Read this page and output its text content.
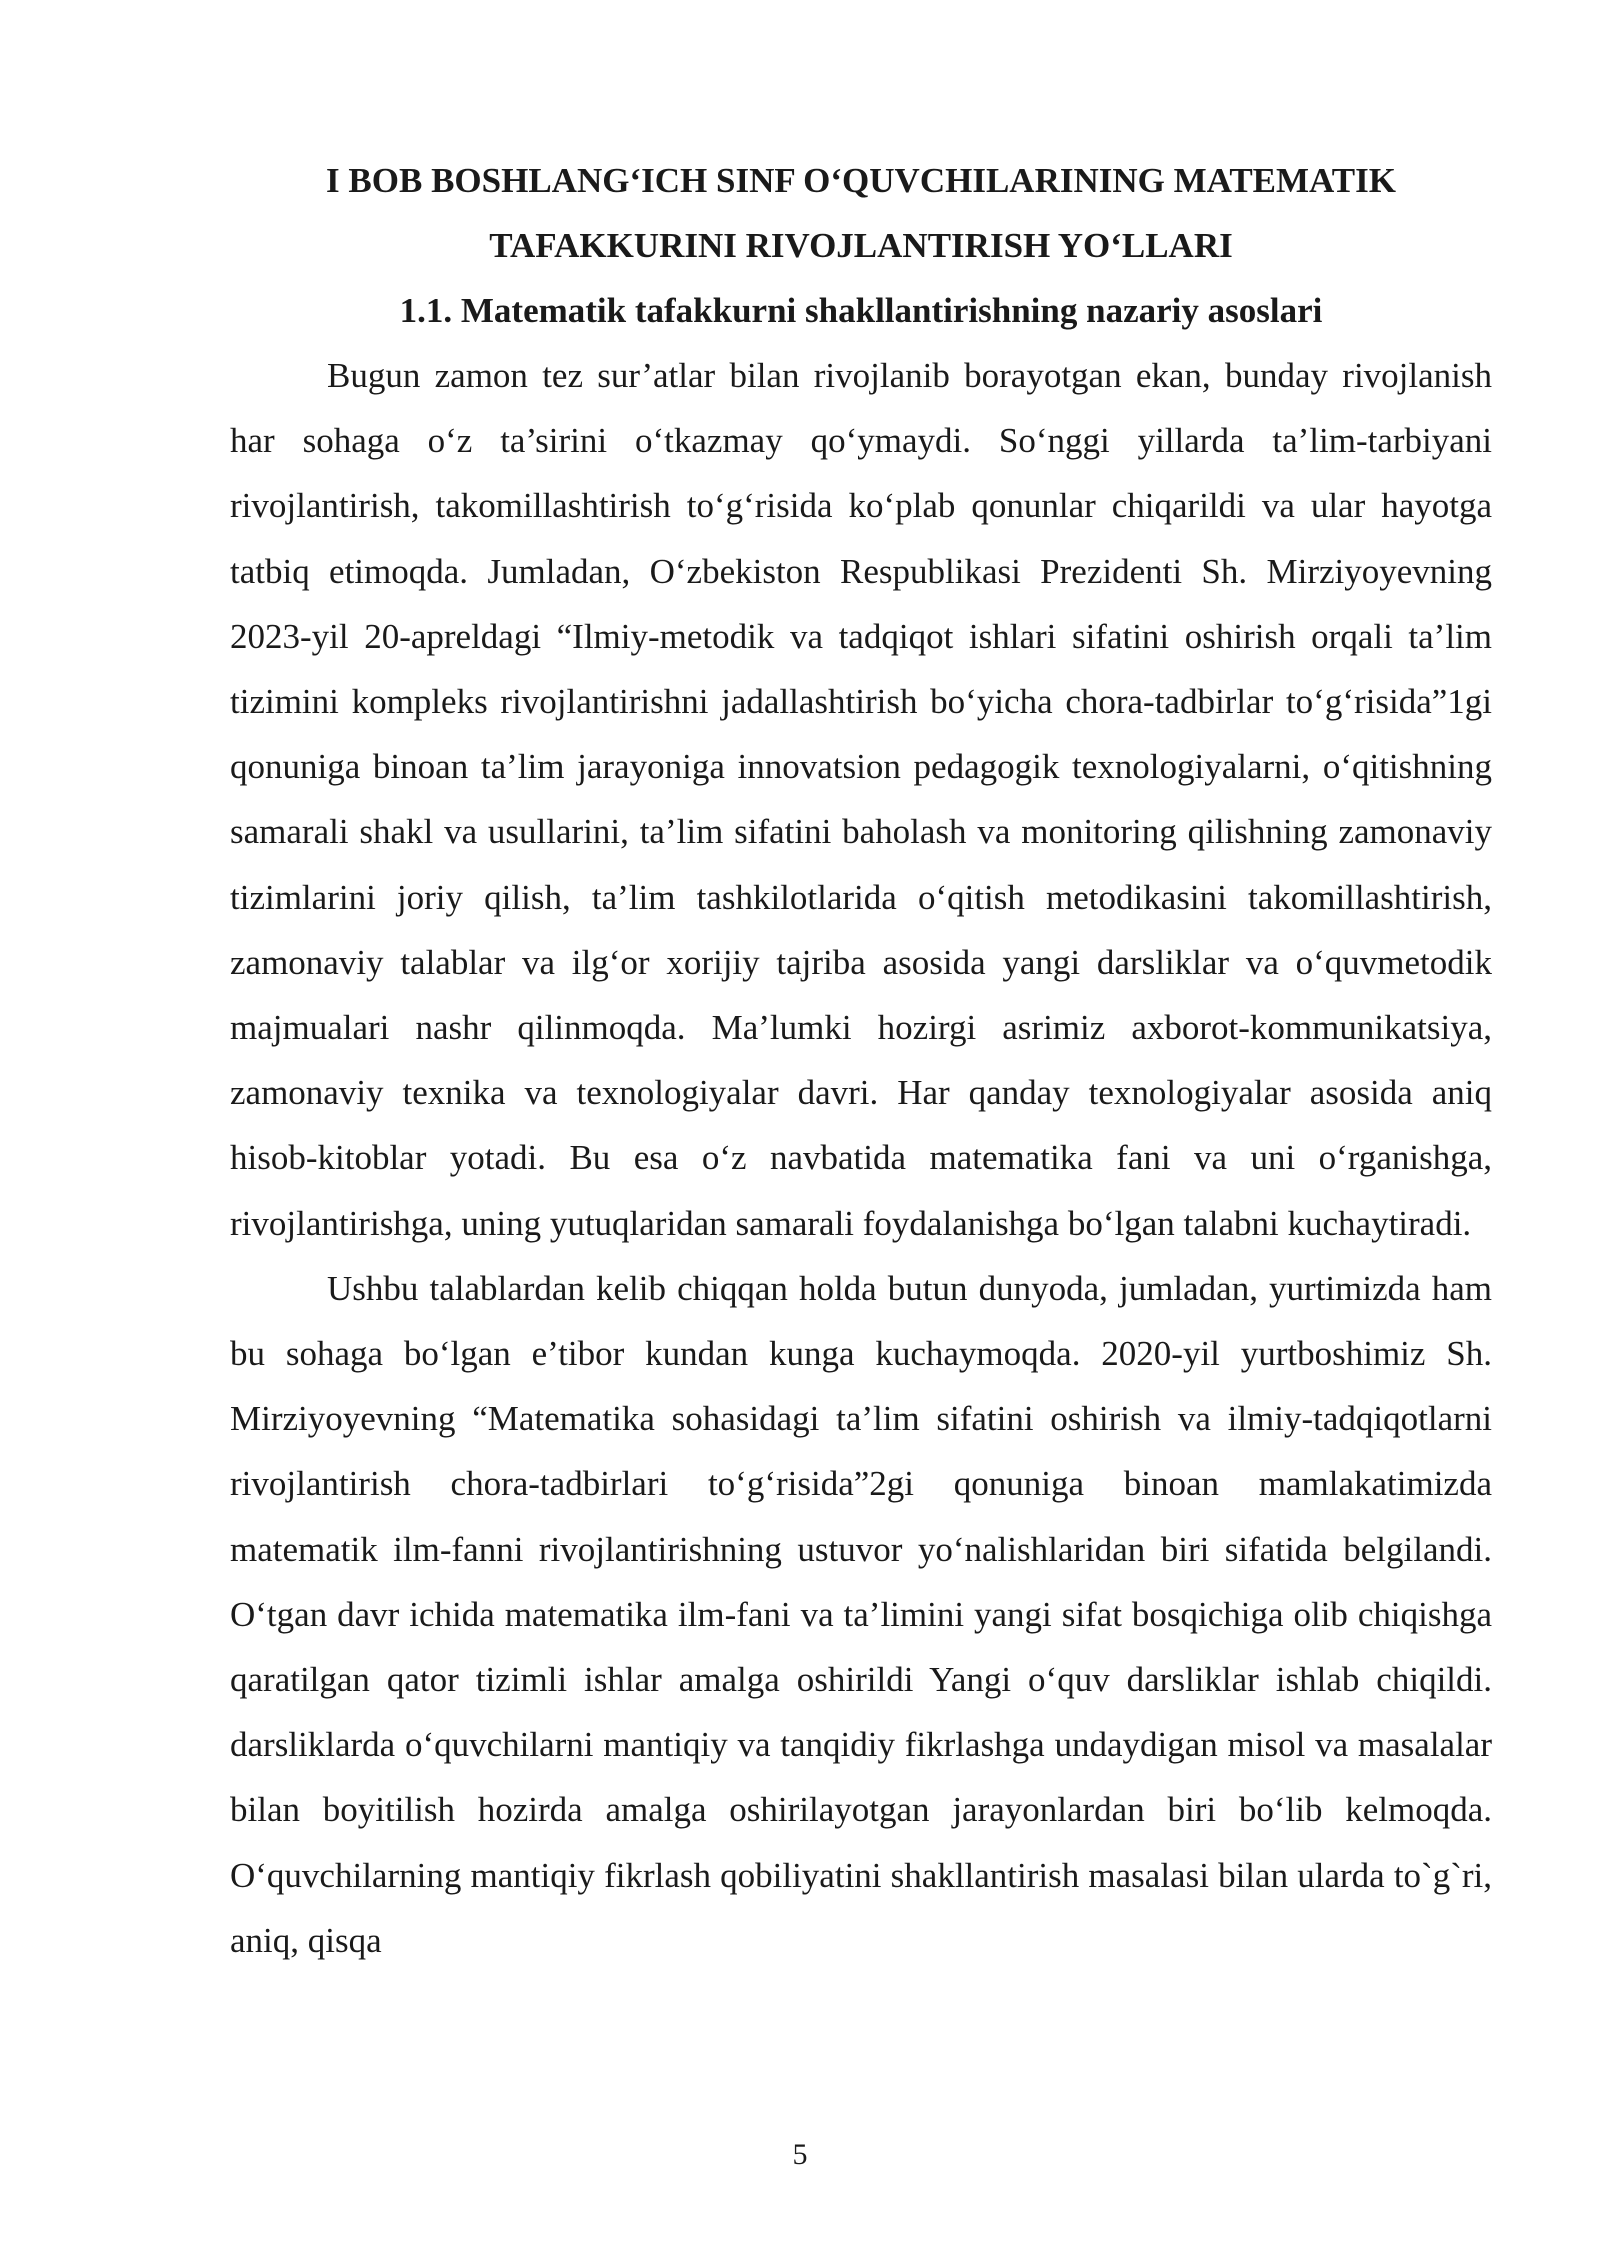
I BOB BOSHLANG‘ICH SINF O‘QUVCHILARINING MATEMATIK

TAFAKKURINI RIVOJLANTIRISH YO‘LLARI

1.1. Matematik tafakkurni shakllantirishning nazariy asoslari

Bugun zamon tez sur’atlar bilan rivojlanib borayotgan ekan, bunday rivojlanish har sohaga o‘z ta’sirini o‘tkazmay qo‘ymaydi. So‘nggi yillarda ta’lim-tarbiyani rivojlantirish, takomillashtirish to‘g‘risida ko‘plab qonunlar chiqarildi va ular hayotga tatbiq etimoqda. Jumladan, O‘zbekiston Respublikasi Prezidenti Sh. Mirziyoyevning 2023-yil 20-apreldagi “Ilmiy-metodik va tadqiqot ishlari sifatini oshirish orqali ta’lim tizimini kompleks rivojlantirishni jadallashtirish bo‘yicha chora-tadbirlar to‘g‘risida”1gi qonuniga binoan ta’lim jarayoniga innovatsion pedagogik texnologiyalarni, o‘qitishning samarali shakl va usullarini, ta’lim sifatini baholash va monitoring qilishning zamonaviy tizimlarini joriy qilish, ta’lim tashkilotlarida o‘qitish metodikasini takomillashtirish, zamonaviy talablar va ilg‘or xorijiy tajriba asosida yangi darsliklar va o‘quvmetodik majmualari nashr qilinmoqda. Ma’lumki hozirgi asrimiz axborot-kommunikatsiya, zamonaviy texnika va texnologiyalar davri. Har qanday texnologiyalar asosida aniq hisob-kitoblar yotadi. Bu esa o‘z navbatida matematika fani va uni o‘rganishga, rivojlantirishga, uning yutuqlaridan samarali foydalanishga bo‘lgan talabni kuchaytiradi.

Ushbu talablardan kelib chiqqan holda butun dunyoda, jumladan, yurtimizda ham bu sohaga bo‘lgan e’tibor kundan kunga kuchaymoqda. 2020-yil yurtboshimiz Sh. Mirziyoyevning “Matematika sohasidagi ta’lim sifatini oshirish va ilmiy-tadqiqotlarni rivojlantirish chora-tadbirlari to‘g‘risida”2gi qonuniga binoan mamlakatimizda matematik ilm-fanni rivojlantirishning ustuvor yo‘nalishlaridan biri sifatida belgilandi. O‘tgan davr ichida matematika ilm-fani va ta’limini yangi sifat bosqichiga olib chiqishga qaratilgan qator tizimli ishlar amalga oshirildi Yangi o‘quv darsliklar ishlab chiqildi. darsliklarda o‘quvchilarni mantiqiy va tanqidiy fikrlashga undaydigan misol va masalalar bilan boyitilish hozirda amalga oshirilayotgan jarayonlardan biri bo‘lib kelmoqda. O‘quvchilarning mantiqiy fikrlash qobiliyatini shakllantirish masalasi bilan ularda to`g`ri, aniq, qisqa

5
